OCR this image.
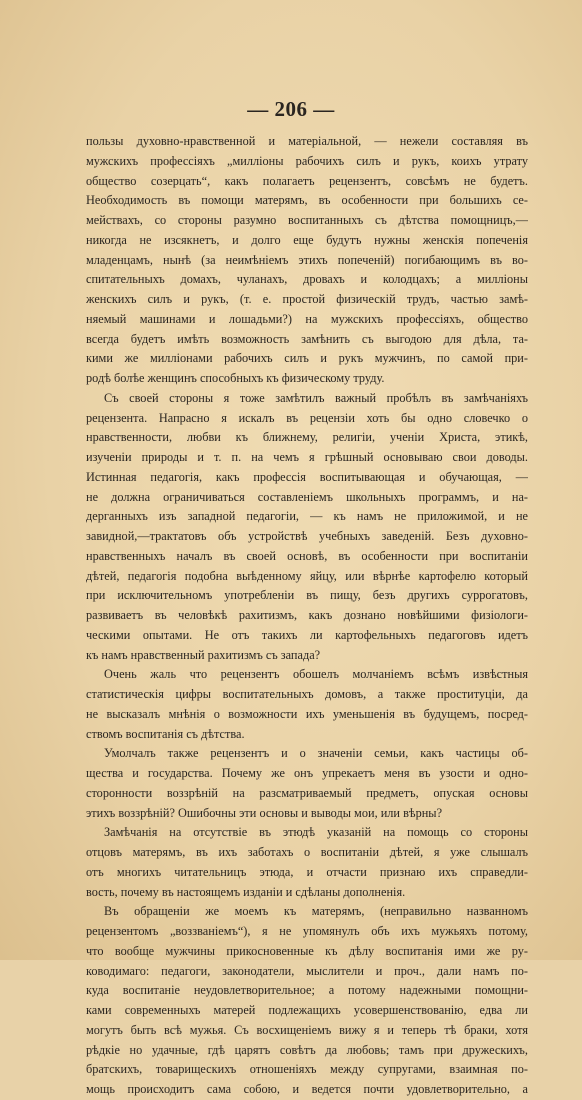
— 206 —
пользы духовно-нравственной и матеріальной, — нежели составляя въ
мужскихъ профессіяхъ „милліоны рабочихъ силъ и рукъ, коихъ утрату
общество созерцать“, какъ полагаетъ рецензентъ, совсѣмъ не будетъ.
Необходимость въ помощи матерямъ, въ особенности при большихъ се-
мействахъ, со стороны разумно воспитанныхъ съ дѣтства помощницъ,—
никогда не изсякнетъ, и долго еще будутъ нужны женскія попеченія
младенцамъ, нынѣ (за неимѣніемъ этихъ попеченій) погибающимъ въ во-
спитательныхъ домахъ, чуланахъ, дровахъ и колодцахъ; а милліоны
женскихъ силъ и рукъ, (т. е. простой физическій трудъ, частью замѣ-
няемый машинами и лошадьми?) на мужскихъ профессіяхъ, общество
всегда будетъ имѣть возможность замѣнить съ выгодою для дѣла, та-
кими же милліонами рабочихъ силъ и рукъ мужчинъ, по самой при-
родѣ болѣе женщинъ способныхъ къ физическому труду.
Съ своей стороны я тоже замѣтилъ важный пробѣлъ въ замѣчаніяхъ
рецензента. Напрасно я искалъ въ рецензіи хоть бы одно словечко о
нравственности, любви къ ближнему, религіи, ученіи Христа, этикѣ,
изученіи природы и т. п. на чемъ я грѣшный основываю свои доводы.
Истинная педагогія, какъ профессія воспитывающая и обучающая, —
не должна ограничиваться составленіемъ школьныхъ программъ, и на-
дерганныхъ изъ западной педагогіи, — къ намъ не приложимой, и не
завидной,—трактатовъ объ устройствѣ учебныхъ заведеній. Безъ духовно-
нравственныхъ началъ въ своей основѣ, въ особенности при воспитаніи
дѣтей, педагогія подобна выѣденному яйцу, или вѣрнѣе картофелю который
при исключительномъ употребленіи въ пищу, безъ другихъ суррогатовъ,
развиваетъ въ человѣкѣ рахитизмъ, какъ дознано новѣйшими физіологи-
ческими опытами. Не отъ такихъ ли картофельныхъ педагоговъ идетъ
къ намъ нравственный рахитизмъ съ запада?
Очень жаль что рецензентъ обошелъ молчаніемъ всѣмъ извѣстныя
статистическія цифры воспитательныхъ домовъ, а также проституціи, да
не высказалъ мнѣнія о возможности ихъ уменьшенія въ будущемъ, посред-
ствомъ воспитанія съ дѣтства.
Умолчалъ также рецензентъ и о значеніи семьи, какъ частицы об-
щества и государства. Почему же онъ упрекаетъ меня въ узости и одно-
сторонности воззрѣній на разсматриваемый предметъ, опуская основы
этихъ воззрѣній? Ошибочны эти основы и выводы мои, или вѣрны?
Замѣчанія на отсутствіе въ этюдѣ указаній на помощь со стороны
отцовъ матерямъ, въ ихъ заботахъ о воспитаніи дѣтей, я уже слышалъ
отъ многихъ читательницъ этюда, и отчасти признаю ихъ справедли-
вость, почему въ настоящемъ изданіи и сдѣланы дополненія.
Въ обращеніи же моемъ къ матерямъ, (неправильно названномъ
рецензентомъ „воззваніемъ“), я не упомянулъ объ ихъ мужьяхъ потому,
что вообще мужчины прикосновенные къ дѣлу воспитанія ими же ру-
ководимаго: педагоги, законодатели, мыслители и проч., дали намъ по-
куда воспитаніе неудовлетворительное; а потому надежными помощни-
ками современныхъ матерей подлежащихъ усовершенствованію, едва ли
могутъ быть всѣ мужья. Съ восхищеніемъ вижу я и теперь тѣ браки, хотя
рѣдкіе но удачные, гдѣ царятъ совѣтъ да любовь; тамъ при дружескихъ,
братскихъ, товарищескихъ отношеніяхъ между супругами, взаимная по-
мощь происходитъ сама собою, и ведется почти удовлетворительно, а
